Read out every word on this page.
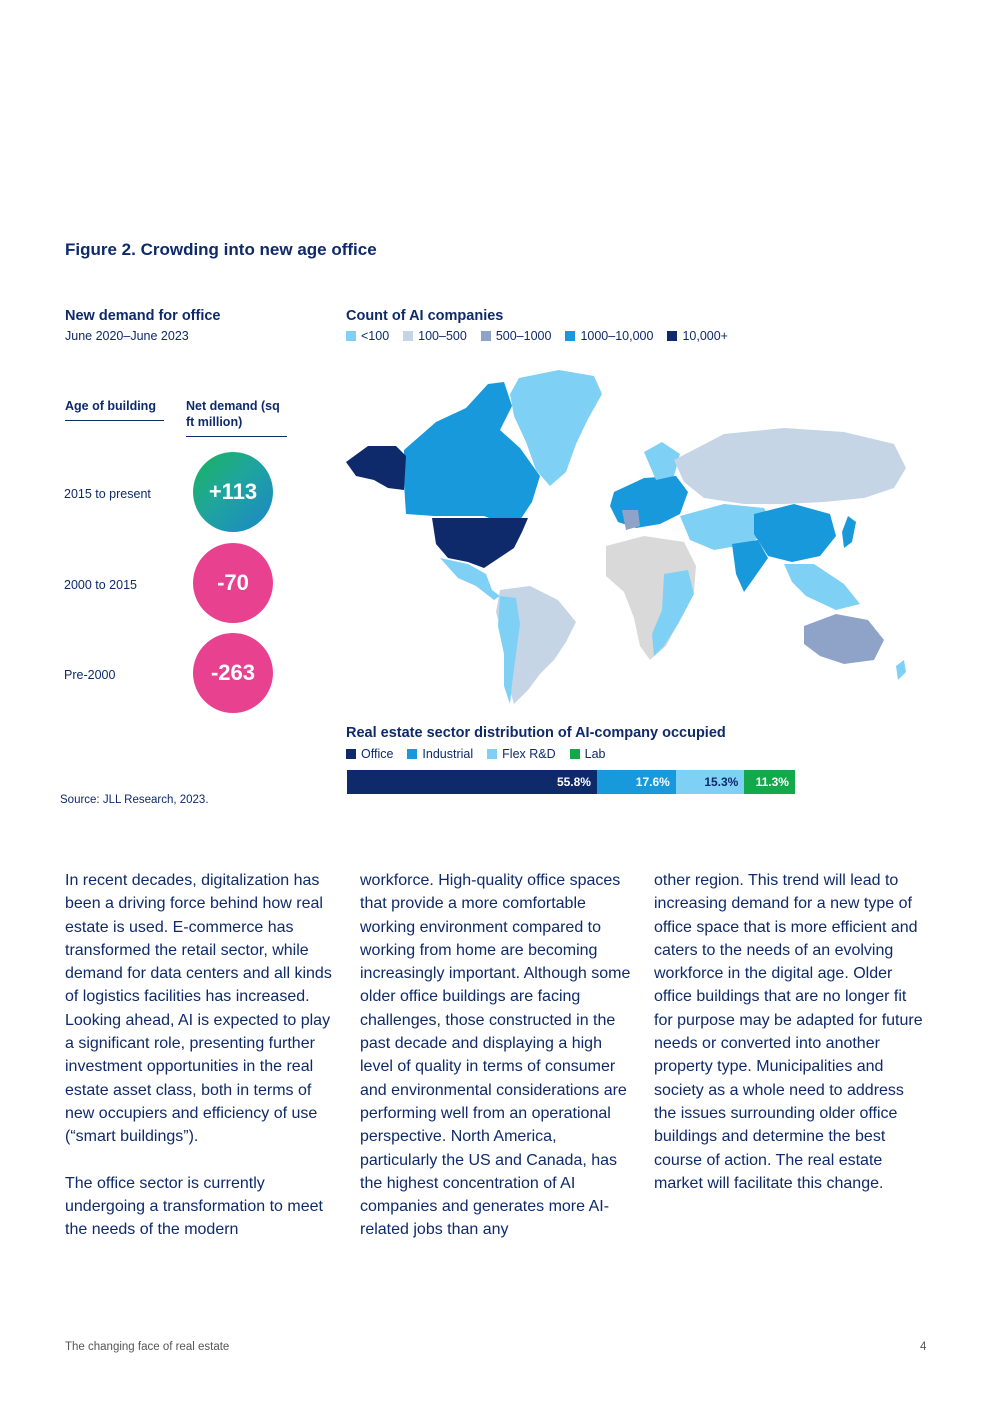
Figure 2. Crowding into new age office
New demand for office
June 2020–June 2023
Age of building	Net demand (sq ft million)
2015 to present	+113
2000 to 2015	-70
Pre-2000	-263
Count of AI companies
<100 100–500 500–1000 1000–10,000 10,000+
Real estate sector distribution of AI-company occupied
Office Industrial Flex R&D Lab
55.8%	17.6%	15.3% 11.3%
Source: JLL Research, 2023.

In recent decades, digitalization has been a driving force behind how real estate is used. E-commerce has transformed the retail sector, while demand for data centers and all kinds of logistics facilities has increased. Looking ahead, AI is expected to play a significant role, presenting further investment opportunities in the real estate asset class, both in terms of new occupiers and efficiency of use (“smart buildings”).

The office sector is currently undergoing a transformation to meet the needs of the modern

workforce. High-quality office spaces that provide a more comfortable working environment compared to working from home are becoming increasingly important. Although some older office buildings are facing challenges, those constructed in the past decade and displaying a high level of quality in terms of consumer and environmental considerations are performing well from an operational perspective. North America, particularly the US and Canada, has the highest concentration of AI companies and generates more AI-related jobs than any

other region. This trend will lead to increasing demand for a new type of office space that is more efficient and caters to the needs of an evolving workforce in the digital age. Older office buildings that are no longer fit for purpose may be adapted for future needs or converted into another property type. Municipalities and society as a whole need to address the issues surrounding older office buildings and determine the best course of action. The real estate market will facilitate this change.

The changing face of real estate	4
